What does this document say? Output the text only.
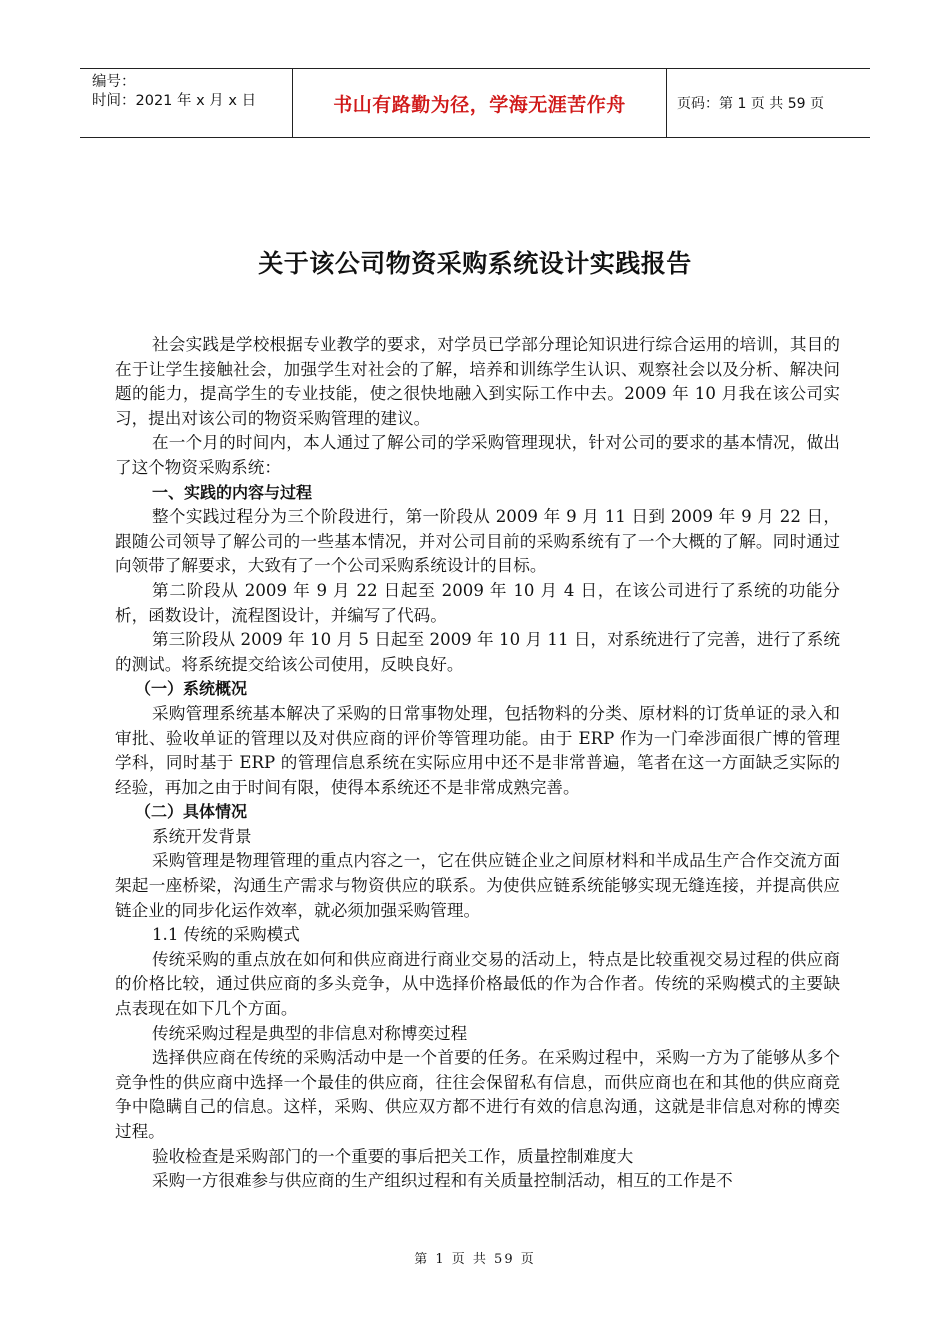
编号：
时间：2021 年 x 月 x 日	书山有路勤为径，学海无涯苦作舟	页码：第 1 页 共 59 页
关于该公司物资采购系统设计实践报告

社会实践是学校根据专业教学的要求，对学员已学部分理论知识进行综合运用的培训，其目的在于让学生接触社会，加强学生对社会的了解，培养和训练学生认识、观察社会以及分析、解决问题的能力，提高学生的专业技能，使之很快地融入到实际工作中去。2009 年 10 月我在该公司实习，提出对该公司的物资采购管理的建议。

在一个月的时间内，本人通过了解公司的学采购管理现状，针对公司的要求的基本情况，做出了这个物资采购系统：

一、实践的内容与过程

整个实践过程分为三个阶段进行，第一阶段从 2009 年 9 月 11 日到 2009 年 9 月 22 日，跟随公司领导了解公司的一些基本情况，并对公司目前的采购系统有了一个大概的了解。同时通过向领带了解要求，大致有了一个公司采购系统设计的目标。

第二阶段从 2009 年 9 月 22 日起至 2009 年 10 月 4 日，在该公司进行了系统的功能分析，函数设计，流程图设计，并编写了代码。

第三阶段从 2009 年 10 月 5 日起至 2009 年 10 月 11 日，对系统进行了完善，进行了系统的测试。将系统提交给该公司使用，反映良好。

（一）系统概况

采购管理系统基本解决了采购的日常事物处理，包括物料的分类、原材料的订货单证的录入和审批、验收单证的管理以及对供应商的评价等管理功能。由于 ERP 作为一门牵涉面很广博的管理学科，同时基于 ERP 的管理信息系统在实际应用中还不是非常普遍，笔者在这一方面缺乏实际的经验，再加之由于时间有限，使得本系统还不是非常成熟完善。

（二）具体情况

系统开发背景

采购管理是物理管理的重点内容之一，它在供应链企业之间原材料和半成品生产合作交流方面架起一座桥梁，沟通生产需求与物资供应的联系。为使供应链系统能够实现无缝连接，并提高供应链企业的同步化运作效率，就必须加强采购管理。

1.1 传统的采购模式

传统采购的重点放在如何和供应商进行商业交易的活动上，特点是比较重视交易过程的供应商的价格比较，通过供应商的多头竞争，从中选择价格最低的作为合作者。传统的采购模式的主要缺点表现在如下几个方面。

传统采购过程是典型的非信息对称博奕过程

选择供应商在传统的采购活动中是一个首要的任务。在采购过程中，采购一方为了能够从多个竞争性的供应商中选择一个最佳的供应商，往往会保留私有信息，而供应商也在和其他的供应商竞争中隐瞒自己的信息。这样，采购、供应双方都不进行有效的信息沟通，这就是非信息对称的博奕过程。

验收检查是采购部门的一个重要的事后把关工作，质量控制难度大

采购一方很难参与供应商的生产组织过程和有关质量控制活动，相互的工作是不

第 1 页 共 59 页
